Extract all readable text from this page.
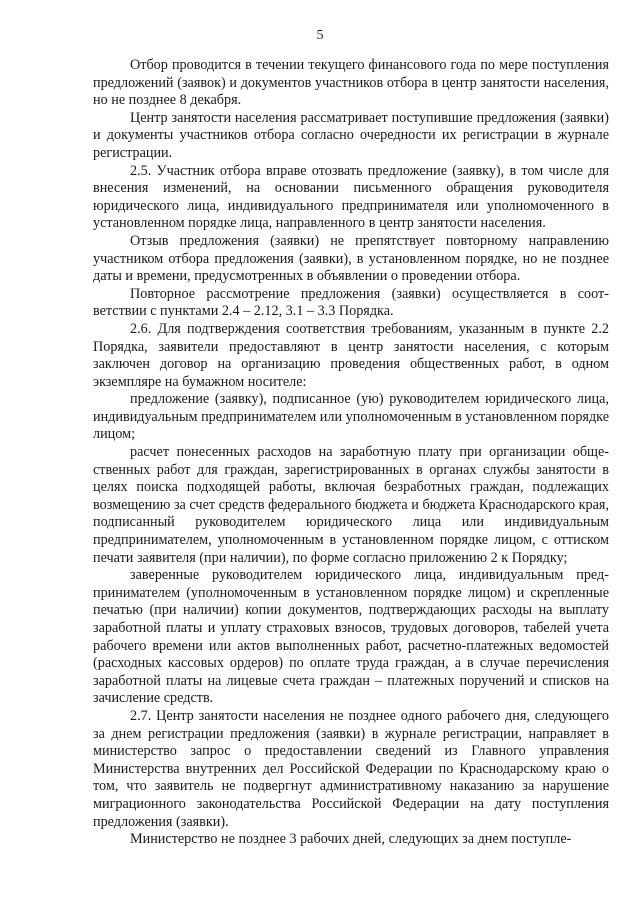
5

Отбор проводится в течении текущего финансового года по мере поступления предложений (заявок) и документов участников отбора в центр занятости населения, но не позднее 8 декабря.

Центр занятости населения рассматривает поступившие предложения (заявки) и документы участников отбора согласно очередности их регистрации в журнале регистрации.

2.5. Участник отбора вправе отозвать предложение (заявку), в том числе для внесения изменений, на основании письменного обращения руководителя юридического лица, индивидуального предпринимателя или уполномоченного в установленном порядке лица, направленного в центр занятости населения.

Отзыв предложения (заявки) не препятствует повторному направлению участником отбора предложения (заявки), в установленном порядке, но не позднее даты и времени, предусмотренных в объявлении о проведении отбора.

Повторное рассмотрение предложения (заявки) осуществляется в соответствии с пунктами 2.4 – 2.12, 3.1 – 3.3 Порядка.

2.6. Для подтверждения соответствия требованиям, указанным в пункте 2.2 Порядка, заявители предоставляют в центр занятости населения, с которым заключен договор на организацию проведения общественных работ, в одном экземпляре на бумажном носителе:

предложение (заявку), подписанное (ую) руководителем юридического лица, индивидуальным предпринимателем или уполномоченным в установленном порядке лицом;

расчет понесенных расходов на заработную плату при организации общественных работ для граждан, зарегистрированных в органах службы занятости в целях поиска подходящей работы, включая безработных граждан, подлежащих возмещению за счет средств федерального бюджета и бюджета Краснодарского края, подписанный руководителем юридического лица или индивидуальным предпринимателем, уполномоченным в установленном порядке лицом, с оттиском печати заявителя (при наличии), по форме согласно приложению 2 к Порядку;

заверенные руководителем юридического лица, индивидуальным предпринимателем (уполномоченным в установленном порядке лицом) и скрепленные печатью (при наличии) копии документов, подтверждающих расходы на выплату заработной платы и уплату страховых взносов, трудовых договоров, табелей учета рабочего времени или актов выполненных работ, расчетно-платежных ведомостей (расходных кассовых ордеров) по оплате труда граждан, а в случае перечисления заработной платы на лицевые счета граждан – платежных поручений и списков на зачисление средств.

2.7. Центр занятости населения не позднее одного рабочего дня, следующего за днем регистрации предложения (заявки) в журнале регистрации, направляет в министерство запрос о предоставлении сведений из Главного управления Министерства внутренних дел Российской Федерации по Краснодарскому краю о том, что заявитель не подвергнут административному наказанию за нарушение миграционного законодательства Российской Федерации на дату поступления предложения (заявки).

Министерство не позднее 3 рабочих дней, следующих за днем поступле-
